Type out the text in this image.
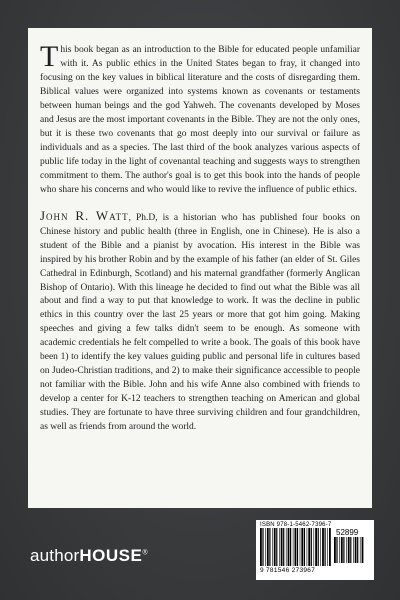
This book began as an introduction to the Bible for educated people unfamiliar with it. As public ethics in the United States began to fray, it changed into focusing on the key values in biblical literature and the costs of disregarding them. Biblical values were organized into systems known as covenants or testaments between human beings and the god Yahweh. The covenants developed by Moses and Jesus are the most important covenants in the Bible. They are not the only ones, but it is these two covenants that go most deeply into our survival or failure as individuals and as a species. The last third of the book analyzes various aspects of public life today in the light of covenantal teaching and suggests ways to strengthen commitment to them. The author's goal is to get this book into the hands of people who share his concerns and who would like to revive the influence of public ethics.

John R. Watt, Ph.D, is a historian who has published four books on Chinese history and public health (three in English, one in Chinese). He is also a student of the Bible and a pianist by avocation. His interest in the Bible was inspired by his brother Robin and by the example of his father (an elder of St. Giles Cathedral in Edinburgh, Scotland) and his maternal grandfather (formerly Anglican Bishop of Ontario). With this lineage he decided to find out what the Bible was all about and find a way to put that knowledge to work. It was the decline in public ethics in this country over the last 25 years or more that got him going. Making speeches and giving a few talks didn't seem to be enough. As someone with academic credentials he felt compelled to write a book. The goals of this book have been 1) to identify the key values guiding public and personal life in cultures based on Judeo-Christian traditions, and 2) to make their significance accessible to people not familiar with the Bible. John and his wife Anne also combined with friends to develop a center for K-12 teachers to strengthen teaching on American and global studies. They are fortunate to have three surviving children and four grandchildren, as well as friends from around the world.

authorHOUSE®
ISBN 978-1-5462-7396-7
52899
9 781546 273967
